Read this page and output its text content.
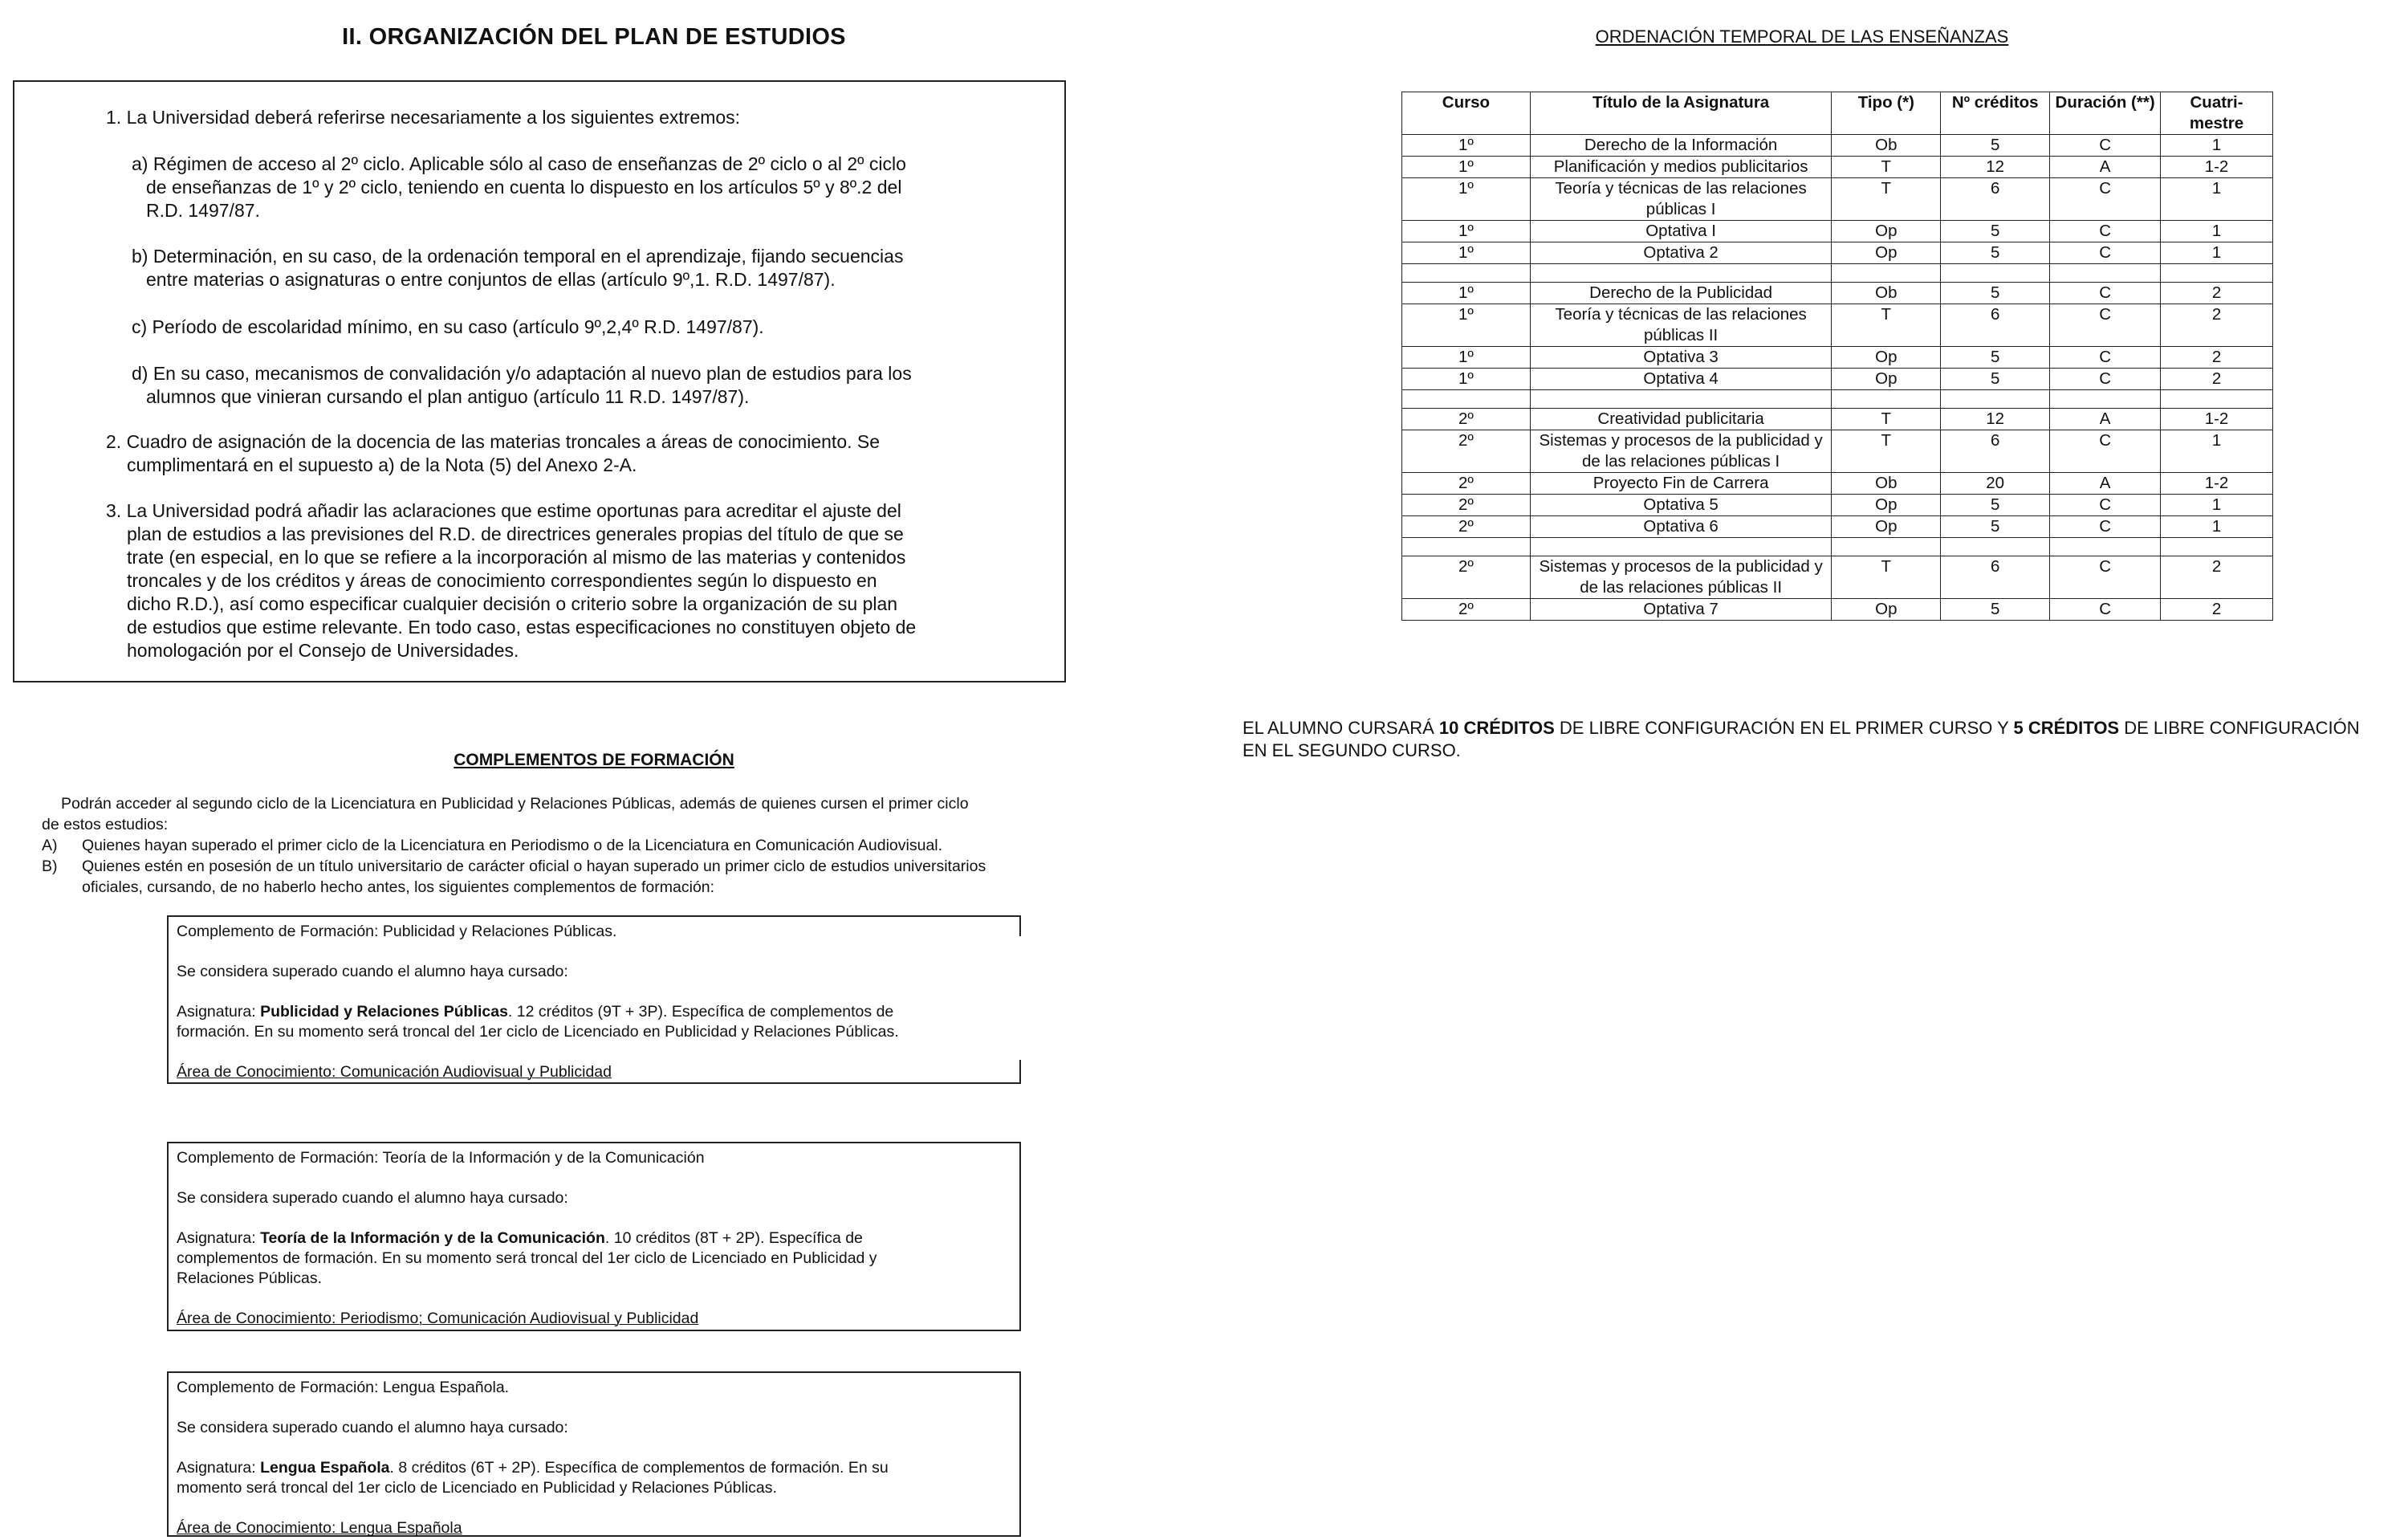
II. ORGANIZACIÓN DEL PLAN DE ESTUDIOS
1. La Universidad deberá referirse necesariamente a los siguientes extremos:
a) Régimen de acceso al 2º ciclo. Aplicable sólo al caso de enseñanzas de 2º ciclo o al 2º ciclo
de enseñanzas de 1º y 2º ciclo, teniendo en cuenta lo dispuesto en los artículos 5º y 8º.2 del
R.D. 1497/87.
b) Determinación, en su caso, de la ordenación temporal en el aprendizaje, fijando secuencias
entre materias o asignaturas o entre conjuntos de ellas (artículo 9º,1. R.D. 1497/87).
c) Período de escolaridad mínimo, en su caso (artículo 9º,2,4º R.D. 1497/87).
d) En su caso, mecanismos de convalidación y/o adaptación al nuevo plan de estudios para los
alumnos que vinieran cursando el plan antiguo (artículo 11 R.D. 1497/87).
2. Cuadro de asignación de la docencia de las materias troncales a áreas de conocimiento. Se
cumplimentará en el supuesto a) de la Nota (5) del Anexo 2-A.
3. La Universidad podrá añadir las aclaraciones que estime oportunas para acreditar el ajuste del
plan de estudios a las previsiones del R.D. de directrices generales propias del título de que se
trate (en especial, en lo que se refiere a la incorporación al mismo de las materias y contenidos
troncales y de los créditos y áreas de conocimiento correspondientes según lo dispuesto en
dicho R.D.), así como especificar cualquier decisión o criterio sobre la organización de su plan
de estudios que estime relevante. En todo caso, estas especificaciones no constituyen objeto de
homologación por el Consejo de Universidades.
COMPLEMENTOS DE FORMACIÓN
Podrán acceder al segundo ciclo de la Licenciatura en Publicidad y Relaciones Públicas, además de quienes cursen el primer ciclo
de estos estudios:
A) Quienes hayan superado el primer ciclo de la Licenciatura en Periodismo o de la Licenciatura en Comunicación Audiovisual.
B) Quienes estén en posesión de un título universitario de carácter oficial o hayan superado un primer ciclo de estudios universitarios
oficiales, cursando, de no haberlo hecho antes, los siguientes complementos de formación:

Complemento de Formación: Publicidad y Relaciones Públicas.

Se considera superado cuando el alumno haya cursado:

Asignatura: Publicidad y Relaciones Públicas. 12 créditos (9T + 3P). Específica de complementos de

formación. En su momento será troncal del 1er ciclo de Licenciado en Publicidad y Relaciones Públicas.

Área de Conocimiento: Comunicación Audiovisual y Publicidad

Complemento de Formación: Teoría de la Información y de la Comunicación

Se considera superado cuando el alumno haya cursado:

Asignatura: Teoría de la Información y de la Comunicación. 10 créditos (8T + 2P). Específica de

complementos de formación. En su momento será troncal del 1er ciclo de Licenciado en Publicidad y

Relaciones Públicas.

Área de Conocimiento: Periodismo; Comunicación Audiovisual y Publicidad

Complemento de Formación: Lengua Española.

Se considera superado cuando el alumno haya cursado:

Asignatura: Lengua Española. 8 créditos (6T + 2P). Específica de complementos de formación. En su

momento será troncal del 1er ciclo de Licenciado en Publicidad y Relaciones Públicas.

Área de Conocimiento: Lengua Española

ORDENACIÓN TEMPORAL DE LAS ENSEÑANZAS
Curso	Título de la Asignatura	Tipo (*)	Nº créditos	Duración (**)	Cuatri- mestre
1º	Derecho de la Información	Ob	5	C	1
1º	Planificación y medios publicitarios	T	12	A	1-2
1º	Teoría y técnicas de las relaciones públicas I	T	6	C	1
1º	Optativa I	Op	5	C	1
1º	Optativa 2	Op	5	C	1

1º	Derecho de la Publicidad	Ob	5	C	2
1º	Teoría y técnicas de las relaciones públicas II	T	6	C	2
1º	Optativa 3	Op	5	C	2
1º	Optativa 4	Op	5	C	2

2º	Creatividad publicitaria	T	12	A	1-2
2º	Sistemas y procesos de la publicidad y de las relaciones públicas I	T	6	C	1
2º	Proyecto Fin de Carrera	Ob	20	A	1-2
2º	Optativa 5	Op	5	C	1
2º	Optativa 6	Op	5	C	1

2º	Sistemas y procesos de la publicidad y de las relaciones públicas II	T	6	C	2
2º	Optativa 7	Op	5	C	2
EL ALUMNO CURSARÁ 10 CRÉDITOS DE LIBRE CONFIGURACIÓN EN EL PRIMER CURSO Y 5 CRÉDITOS DE LIBRE CONFIGURACIÓN
EN EL SEGUNDO CURSO.
